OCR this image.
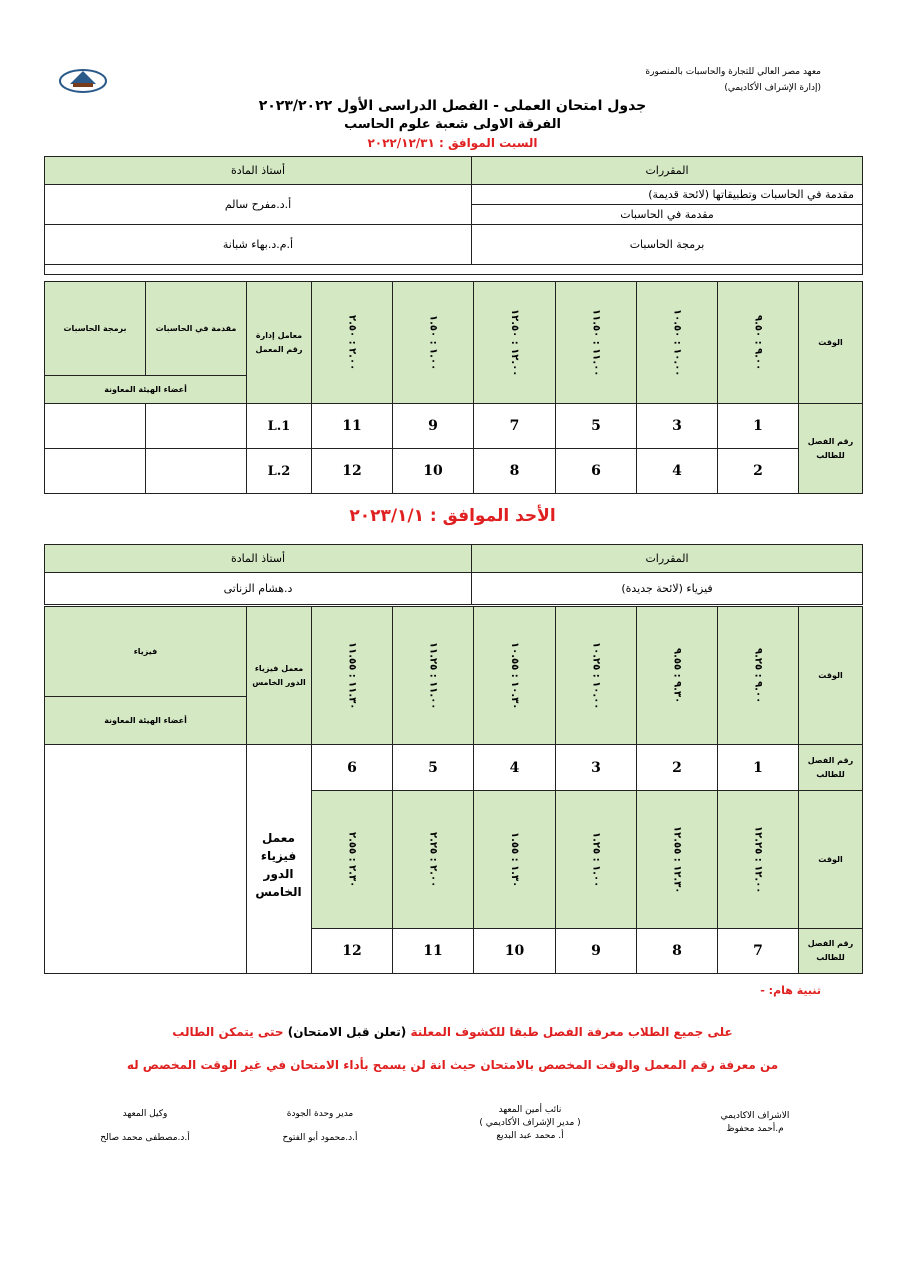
معهد مصر العالي للتجارة والحاسبات بالمنصورة
(إدارة الإشراف الأكاديمي)
جدول امتحان العملى - الفصل الدراسى الأول ٢٠٢٣/٢٠٢٢
الفرقة الاولى شعبة علوم الحاسب
السبت الموافق : ٢٠٢٢/١٢/٣١
أستاذ المادة	المقررات
أ.د.مفرح سالم	مقدمة في الحاسبات وتطبيقاتها (لائحة قديمة)
	مقدمة في الحاسبات
أ.م.د.بهاء شبانة	برمجة الحاسبات

برمجة الحاسبات	مقدمة في الحاسبات	معامل إدارة
رقم المعمل	٢.٠٠ : ٢.٥٠	١.٠٠ : ١.٥٠	١٢.٠٠ : ١٢.٥٠	١١.٠٠ : ١١.٥٠	١٠.٠٠ : ١٠.٥٠	٩.٠٠ : ٩.٥٠	الوقت
أعضاء الهيئة المعاونة									
		L.1	11	9	7	5	3	1	رقم الفصل
للطالب

		L.2	12	10	8	6	4	2	
الأحد الموافق : ٢٠٢٣/١/١
أستاذ المادة	المقررات
د.هشام الزناتى	فيزياء (لائحة جديدة)
فيزياء	معمل فيزياء
الدور الخامس	١١.٣٠ : ١١.٥٥	١١.٠٠ : ١١.٢٥	١٠.٣٠ : ١٠.٥٥	١٠.٠٠ : ١٠.٢٥	٩.٣٠ : ٩.٥٥	٩.٠٠ : ٩.٢٥	الوقت
أعضاء الهيئة المعاونة								
		6	5	4	3	2	1	رقم الفصل
للطالب

		٢.٣٠ : ٢.٥٥	٢.٠٠ : ٢.٢٥	١.٣٠ : ١.٥٥	١.٠٠ : ١.٢٥	١٢.٣٠ : ١٢.٥٥	١٢.٠٠ : ١٢.٢٥	الوقت
		12	11	10	9	8	7	رقم الفصل
للطالب
معمل
فيزياء
الدور
الخامس
تنبية هام: -
على جميع الطلاب معرفة الفصل طبقا للكشوف المعلنة (تعلن قبل الامتحان) حتى يتمكن الطالب
من معرفة رقم المعمل والوقت المخصص بالامتحان حيث انة لن يسمح بأداء الامتحان في غير الوقت المخصص له
الاشراف الاكاديمي
م.أحمد محفوظ
نائب أمين المعهد
( مدير الإشراف الأكاديمي )
أ. محمد عبد البديع
مدير وحدة الجودة
أ.د.محمود أبو الفتوح
وكيل المعهد
أ.د.مصطفى محمد صالح
